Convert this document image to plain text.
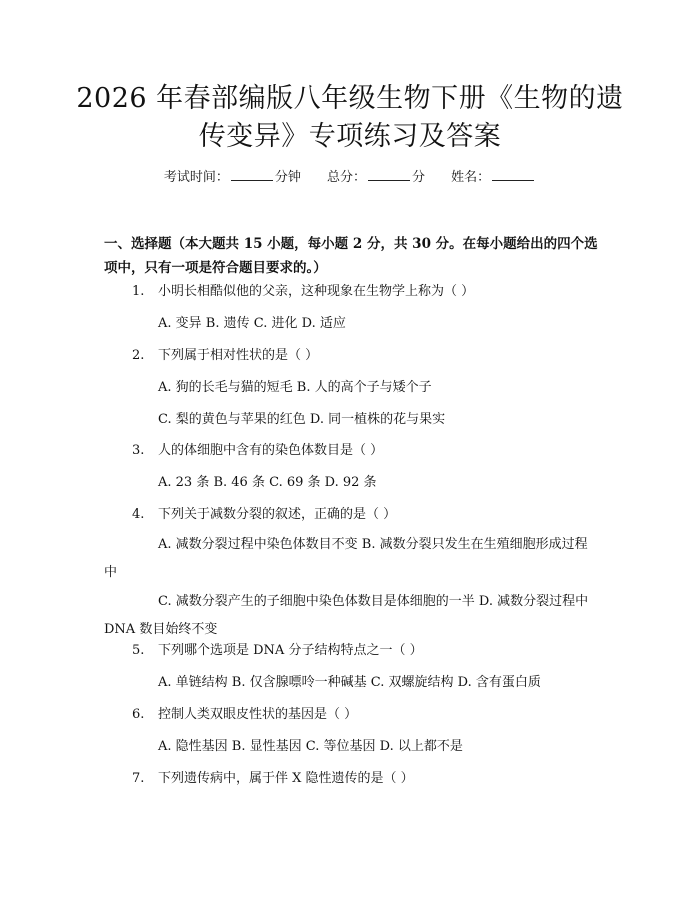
2026 年春部编版八年级生物下册《生物的遗
传变异》专项练习及答案
考试时间：	分钟 总分：	分 姓名：

一、选择题（本大题共 15 小题，每小题 2 分，共 30 分。在每小题给出的四个选项中，只有一项是符合题目要求的。）

1. 小明长相酷似他的父亲，这种现象在生物学上称为（ ）
A. 变异 B. 遗传 C. 进化 D. 适应
2. 下列属于相对性状的是（ ）
A. 狗的长毛与猫的短毛 B. 人的高个子与矮个子
C. 梨的黄色与苹果的红色 D. 同一植株的花与果实
3. 人的体细胞中含有的染色体数目是（ ）
A. 23 条 B. 46 条 C. 69 条 D. 92 条
4. 下列关于减数分裂的叙述，正确的是（ ）
A. 减数分裂过程中染色体数目不变 B. 减数分裂只发生在生殖细胞形成过程中
C. 减数分裂产生的子细胞中染色体数目是体细胞的一半 D. 减数分裂过程中 DNA 数目始终不变
5. 下列哪个选项是 DNA 分子结构特点之一（ ）
A. 单链结构 B. 仅含腺嘌呤一种碱基 C. 双螺旋结构 D. 含有蛋白质
6. 控制人类双眼皮性状的基因是（ ）
A. 隐性基因 B. 显性基因 C. 等位基因 D. 以上都不是
7. 下列遗传病中，属于伴 X 隐性遗传的是（ ）
